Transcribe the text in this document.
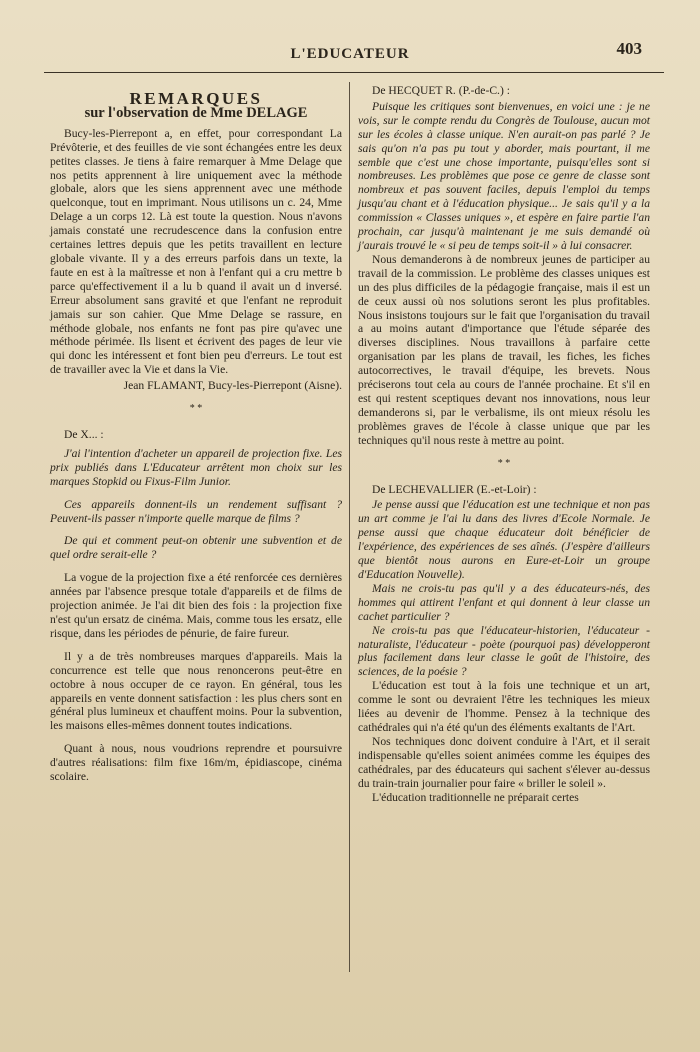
L'EDUCATEUR	403
REMARQUES
sur l'observation de Mme DELAGE

Bucy-les-Pierrepont a, en effet, pour correspondant La Prévôterie, et des feuilles de vie sont échangées entre les deux petites classes. Je tiens à faire remarquer à Mme Delage que nos petits apprennent à lire uniquement avec la méthode globale, alors que les siens apprennent avec une méthode quelconque, tout en imprimant. Nous utilisons un c. 24, Mme Delage a un corps 12. Là est toute la question. Nous n'avons jamais constaté une recrudescence dans la confusion entre certaines lettres depuis que les petits travaillent en lecture globale vivante. Il y a des erreurs parfois dans un texte, la faute en est à la maîtresse et non à l'enfant qui a cru mettre b parce qu'effectivement il a lu b quand il avait un d inversé. Erreur absolument sans gravité et que l'enfant ne reproduit jamais sur son cahier. Que Mme Delage se rassure, en méthode globale, nos enfants ne font pas pire qu'avec une méthode périmée. Ils lisent et écrivent des pages de leur vie qui donc les intéressent et font bien peu d'erreurs. Le tout est de travailler avec la Vie et dans la Vie.

Jean FLAMANT, Bucy-les-Pierrepont (Aisne).

* *

De X... :

J'ai l'intention d'acheter un appareil de projection fixe. Les prix publiés dans L'Educateur arrêtent mon choix sur les marques Stopkid ou Fixus-Film Junior.

Ces appareils donnent-ils un rendement suffisant ? Peuvent-ils passer n'importe quelle marque de films ?

De qui et comment peut-on obtenir une subvention et de quel ordre serait-elle ?

La vogue de la projection fixe a été renforcée ces dernières années par l'absence presque totale d'appareils et de films de projection animée. Je l'ai dit bien des fois : la projection fixe n'est qu'un ersatz de cinéma. Mais, comme tous les ersatz, elle risque, dans les périodes de pénurie, de faire fureur.

Il y a de très nombreuses marques d'appareils. Mais la concurrence est telle que nous renoncerons peut-être en octobre à nous occuper de ce rayon. En général, tous les appareils en vente donnent satisfaction : les plus chers sont en général plus lumineux et chauffent moins. Pour la subvention, les maisons elles-mêmes donnent toutes indications.

Quant à nous, nous voudrions reprendre et poursuivre d'autres réalisations: film fixe 16m/m, épidiascope, cinéma scolaire.

De HECQUET R. (P.-de-C.) :

Puisque les critiques sont bienvenues, en voici une : je ne vois, sur le compte rendu du Congrès de Toulouse, aucun mot sur les écoles à classe unique. N'en aurait-on pas parlé ? Je sais qu'on n'a pas pu tout y aborder, mais pourtant, il me semble que c'est une chose importante, puisqu'elles sont si nombreuses. Les problèmes que pose ce genre de classe sont nombreux et pas souvent faciles, depuis l'emploi du temps jusqu'au chant et à l'éducation physique... Je sais qu'il y a la commission « Classes uniques », et espère en faire partie l'an prochain, car jusqu'à maintenant je me suis demandé où j'aurais trouvé le « si peu de temps soit-il » à lui consacrer.

Nous demanderons à de nombreux jeunes de participer au travail de la commission. Le problème des classes uniques est un des plus difficiles de la pédagogie française, mais il est un de ceux aussi où nos solutions seront les plus profitables. Nous insistons toujours sur le fait que l'organisation du travail a au moins autant d'importance que l'étude séparée des diverses disciplines. Nous travaillons à parfaire cette organisation par les plans de travail, les fiches, les fiches autocorrectives, le travail d'équipe, les brevets. Nous préciserons tout cela au cours de l'année prochaine. Et s'il en est qui restent sceptiques devant nos innovations, nous leur demanderons si, par le verbalisme, ils ont mieux résolu les problèmes graves de l'école à classe unique que par les techniques qu'il nous reste à mettre au point.

* *

De LECHEVALLIER (E.-et-Loir) :

Je pense aussi que l'éducation est une technique et non pas un art comme je l'ai lu dans des livres d'Ecole Normale. Je pense aussi que chaque éducateur doit bénéficier de l'expérience, des expériences de ses aînés. (J'espère d'ailleurs que bientôt nous aurons en Eure-et-Loir un groupe d'Education Nouvelle).

Mais ne crois-tu pas qu'il y a des éducateurs-nés, des hommes qui attirent l'enfant et qui donnent à leur classe un cachet particulier ?

Ne crois-tu pas que l'éducateur-historien, l'éducateur - naturaliste, l'éducateur - poète (pourquoi pas) développeront plus facilement dans leur classe le goût de l'histoire, des sciences, de la poésie ?

L'éducation est tout à la fois une technique et un art, comme le sont ou devraient l'être les techniques les mieux liées au devenir de l'homme. Pensez à la technique des cathédrales qui n'a été qu'un des éléments exaltants de l'Art.

Nos techniques donc doivent conduire à l'Art, et il serait indispensable qu'elles soient animées comme les équipes des cathédrales, par des éducateurs qui sachent s'élever au-dessus du train-train journalier pour faire « briller le soleil ».

L'éducation traditionnelle ne préparait certes
